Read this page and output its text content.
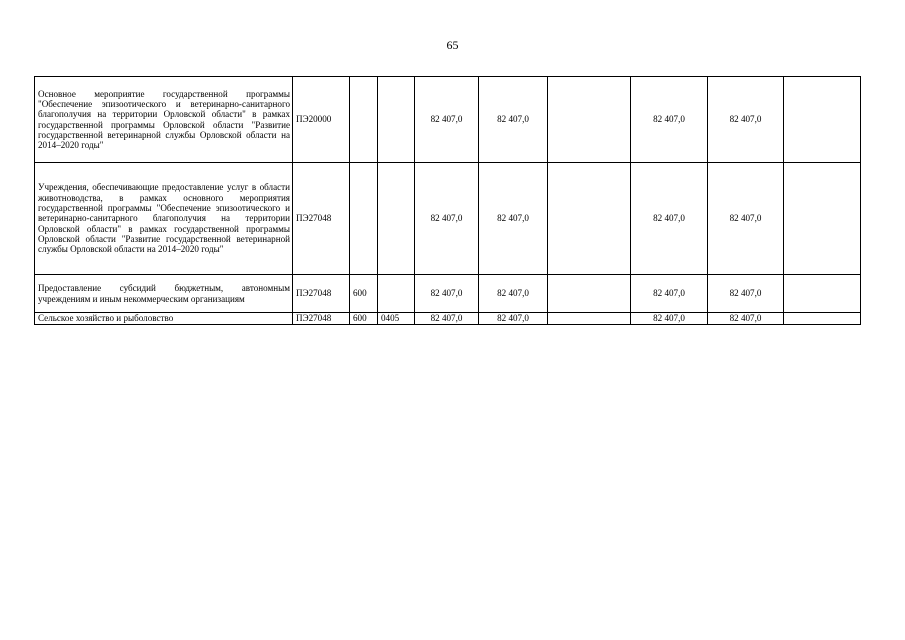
65
Основное мероприятие государственной программы "Обеспечение эпизоотического и ветеринарно-санитарного благополучия на территории Орловской области" в рамках государственной программы Орловской области "Развитие государственной ветеринарной службы Орловской области на 2014–2020 годы"	ПЭ20000			82 407,0	82 407,0		82 407,0	82 407,0	
Учреждения, обеспечивающие предоставление услуг в области животноводства, в рамках основного мероприятия государственной программы "Обеспечение эпизоотического и ветеринарно-санитарного благополучия на территории Орловской области" в рамках государственной программы Орловской области "Развитие государственной ветеринарной службы Орловской области на 2014–2020 годы"	ПЭ27048			82 407,0	82 407,0		82 407,0	82 407,0	
Предоставление субсидий бюджетным, автономным учреждениям и иным некоммерческим организациям	ПЭ27048	600		82 407,0	82 407,0		82 407,0	82 407,0	
Сельское хозяйство и рыболовство	ПЭ27048	600	0405	82 407,0	82 407,0		82 407,0	82 407,0	
